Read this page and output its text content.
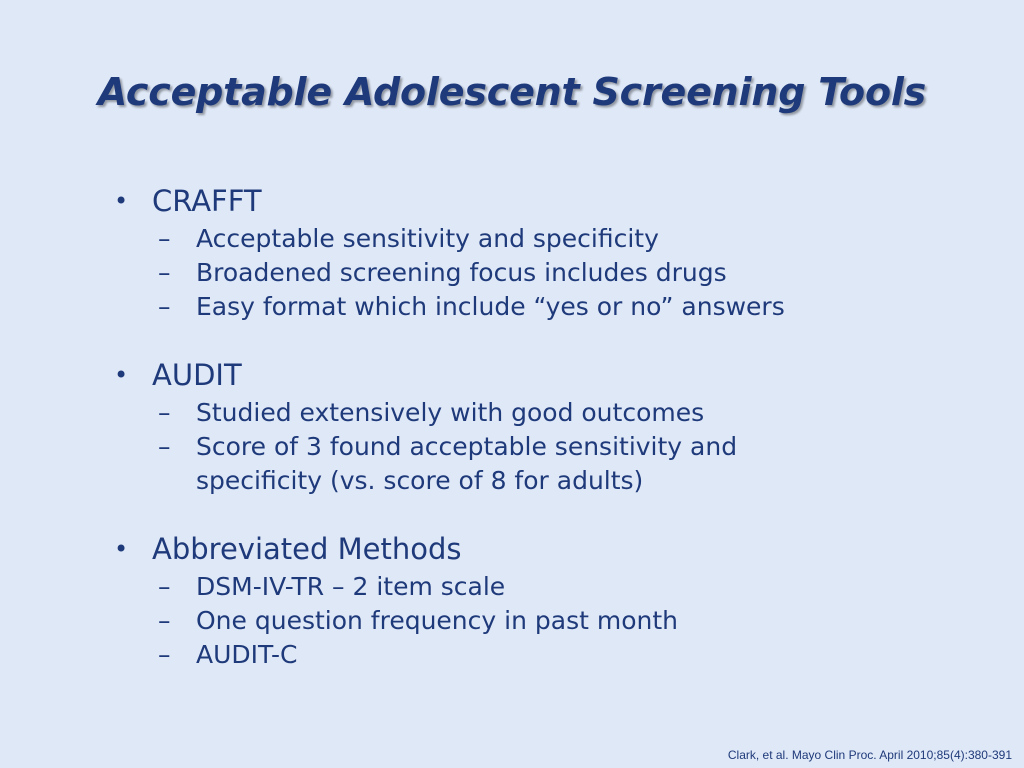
Acceptable Adolescent Screening Tools
• CRAFFT
– Acceptable sensitivity and specificity
– Broadened screening focus includes drugs
– Easy format which include “yes or no” answers
• AUDIT
– Studied extensively with good outcomes
– Score of 3 found acceptable sensitivity and specificity (vs. score of 8 for adults)
• Abbreviated Methods
– DSM-IV-TR – 2 item scale
– One question frequency in past month
– AUDIT-C
Clark, et al. Mayo Clin Proc. April 2010;85(4):380-391
